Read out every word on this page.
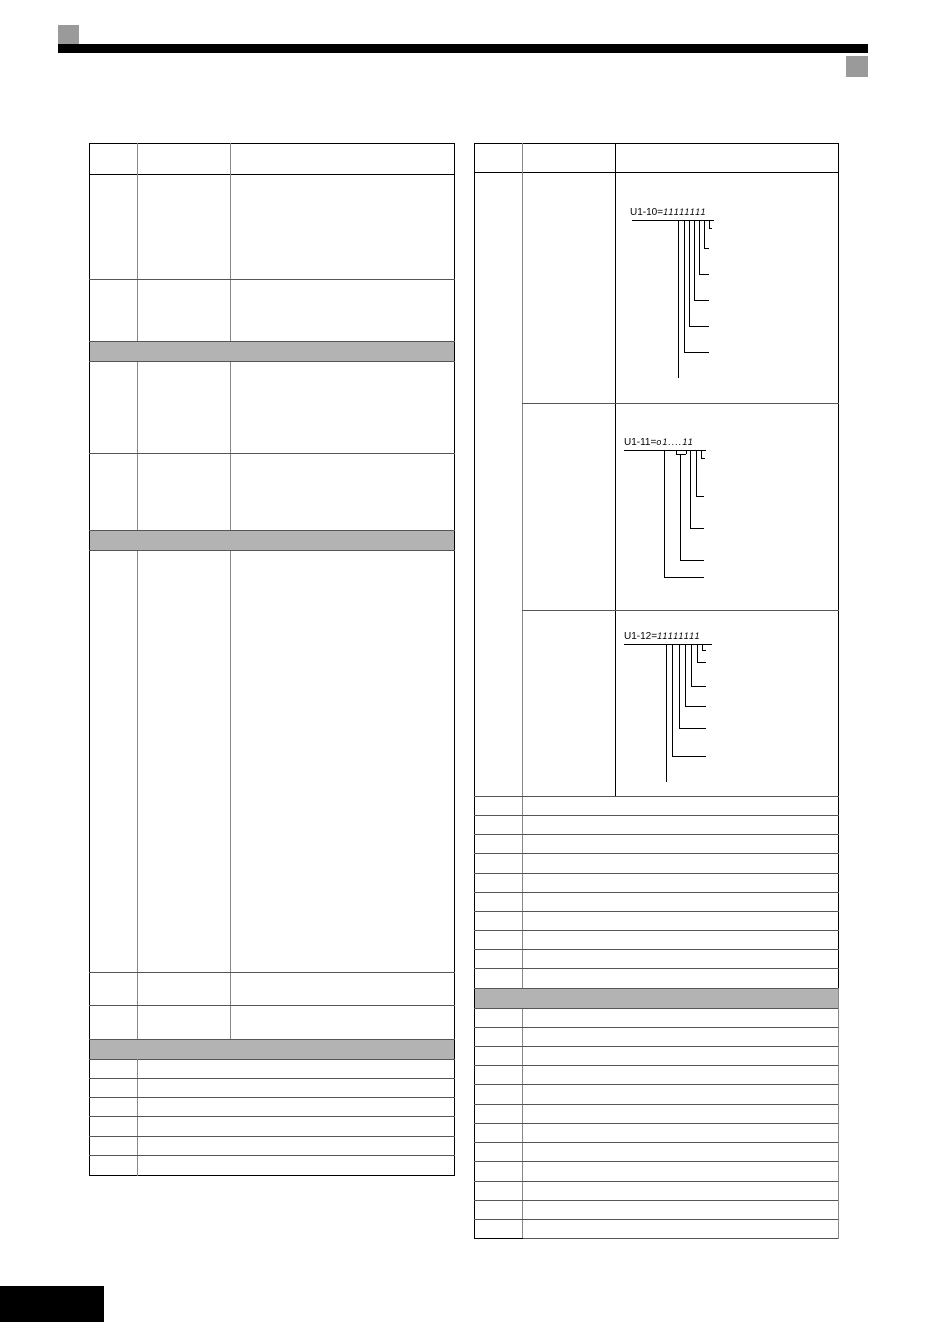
U1-10=11111111
U1-11=o1....11
U1-12=11111111
